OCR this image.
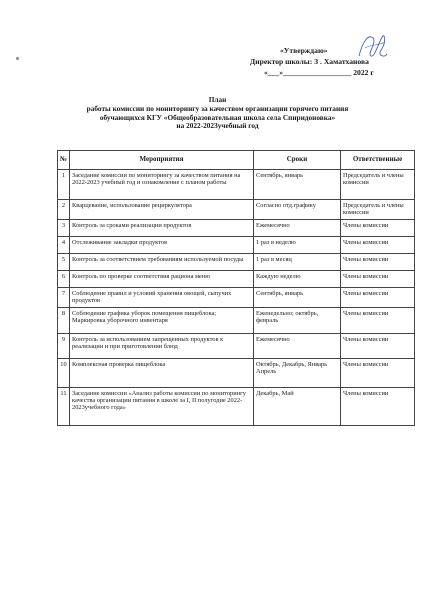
«Утверждаю»
Директор школы: З . Хаматханова
«___»__________________ 2022 г
План
работы комиссии по мониторингу за качеством организации горячего питания
обучающихся КГУ «Общеобразовательная школа села Спиридоновка»
на 2022-2023учебный год
№	Мероприятия	Сроки	Ответственные
1	Заседание комиссии по мониторингу за качеством питания на 2022-2023 учебный год и ознакомление с планом работы	Сентябрь, январь	Председатель и члены комиссии
2	Кварцевание, использование рециркулятора	Согласно отд.графику	Председатель и члены комиссии
3	Контроль за сроками реализации продуктов	Ежемесячно	Члены комиссии
4	Отслеживание закладки продуктов	1 раз в неделю	Члены комиссии
5	Контроль за соответствием требованиям используемой посуды	1 раз в месяц	Члены комиссии
6	Контроль по проверке соответствия рациона меню	Каждую неделю	Члены комиссии
7	Соблюдение правил и условий хранения овощей, сыпучих продуктов	Сентябрь, январь	Члены комиссии
8	Соблюдение графика уборок помещения пищеблока; Маркировка уборочного инвентаря	Еженедельно; октябрь, февраль	Члены комиссии
9	Контроль за использованием запрещенных продуктов к реализации и при приготовлении блюд	Ежемесячно	Члены комиссии
10	Комплексная проверка пищеблока	Октябрь, Декабрь, Январь Апрель	Члены комиссии
11	Заседание комиссии «Анализ работы комиссии по мониторингу качества организации питания в школе за I, II полугодие 2022-2023учебного года»	Декабрь, Май	Члены комиссии
